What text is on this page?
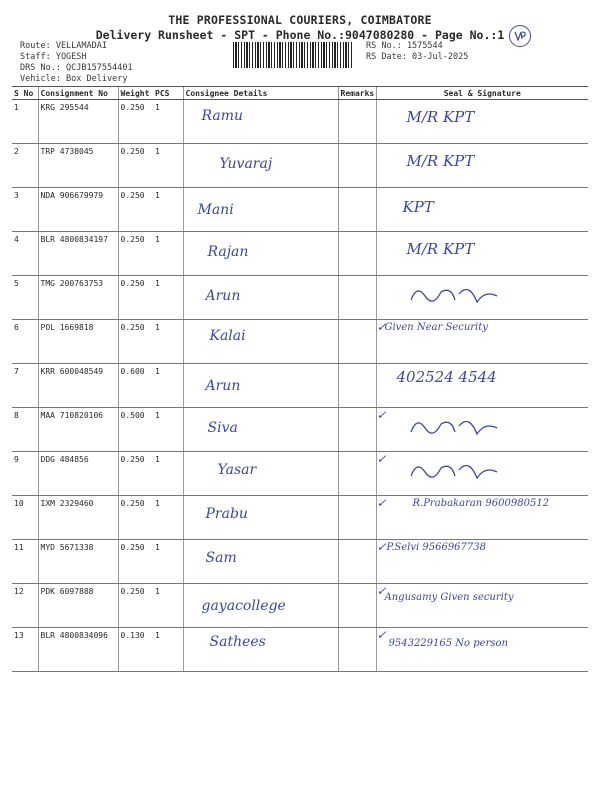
THE PROFESSIONAL COURIERS, COIMBATORE
Delivery Runsheet - SPT - Phone No.:9047080280 - Page No.:1
Route: VELLAMADAI
Staff: YOGESH
DRS No.: QCJB157554401
Vehicle: Box Delivery
RS No.: 1575544
RS Date: 03-Jul-2025
S No	Consignment No	Weight	PCS	Consignee Details	Remarks	Seal & Signature
1	KRG 295544	0.250	1	Ramu		M/R KPT

2	TRP 4738045	0.250	1	Yuvaraj		M/R KPT

3	NDA 906679979	0.250	1	Mani		KPT

4	BLR 4800834197	0.250	1	Rajan		M/R KPT

5	TMG 200763753	0.250	1	Arun

6	POL 1669818	0.250	1	Kalai		Given Near Security
✓

7	KRR 600048549	0.600	1	Arun		402524 4544

8	MAA 710820106	0.500	1	Siva		✓

9	DDG 484856	0.250	1	Yasar		✓

10	IXM 2329460	0.250	1	Prabu		R.Prabakaran 9600980512
✓

11	MYD 5671338	0.250	1	Sam		P.Selvi 9566967738
✓

12	PDK 6097888	0.250	1	gayacollege		Angusamy Given security
✓

13	BLR 4800834096	0.130	1	Sathees		9543229165 No person
✓
